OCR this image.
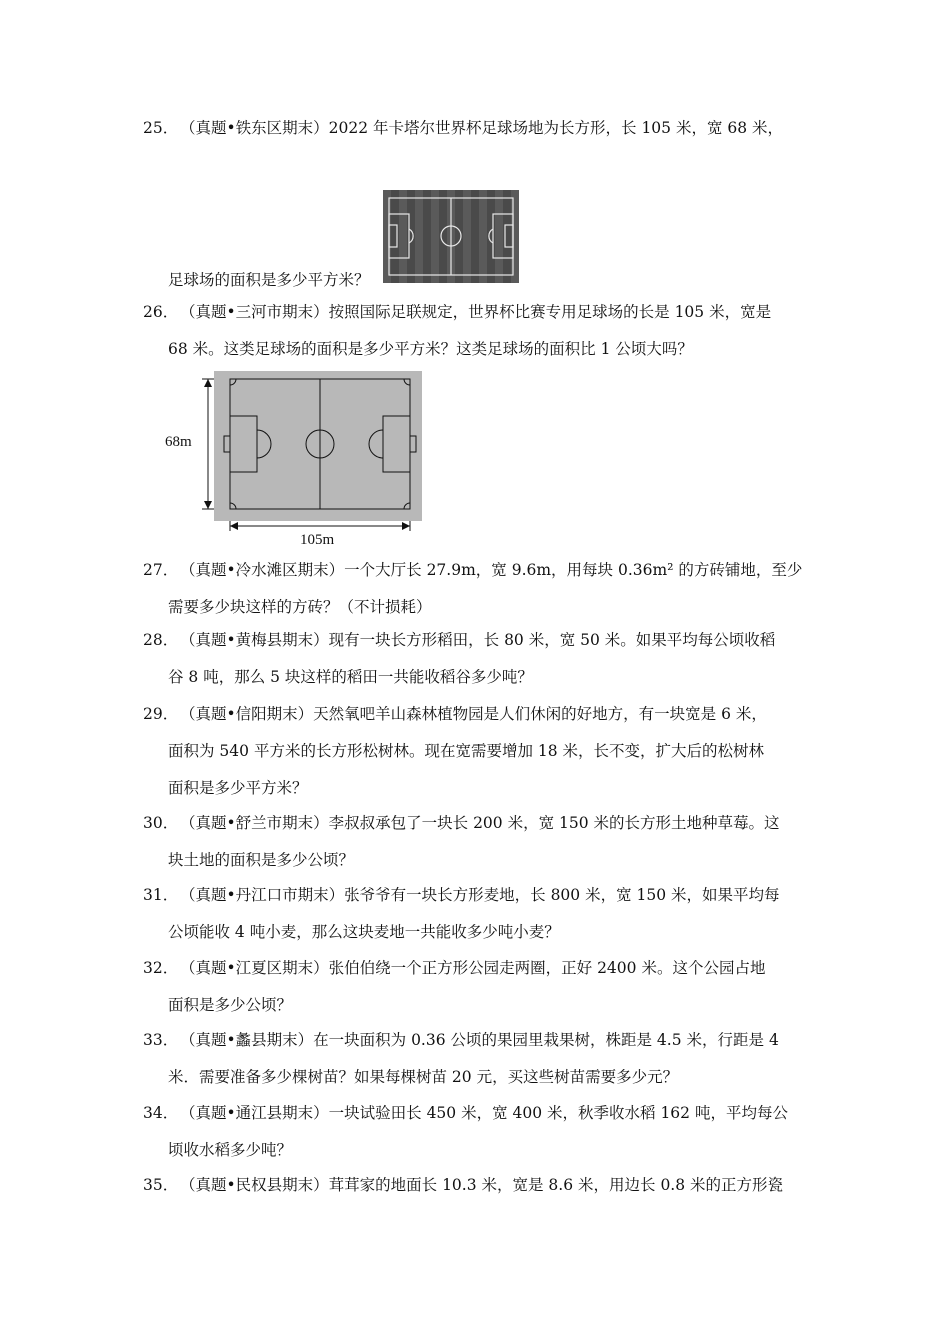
25． （真题•铁东区期末）2022 年卡塔尔世界杯足球场地为长方形，长 105 米，宽 68 米，
足球场的面积是多少平方米？
26． （真题•三河市期末）按照国际足联规定，世界杯比赛专用足球场的长是 105 米，宽是
68 米。这类足球场的面积是多少平方米？这类足球场的面积比 1 公顷大吗？
68m
105m
27． （真题•冷水滩区期末）一个大厅长 27.9m，宽 9.6m，用每块 0.36m² 的方砖铺地，至少
需要多少块这样的方砖？（不计损耗）
28． （真题•黄梅县期末）现有一块长方形稻田，长 80 米，宽 50 米。如果平均每公顷收稻
谷 8 吨，那么 5 块这样的稻田一共能收稻谷多少吨？
29． （真题•信阳期末）天然氧吧羊山森林植物园是人们休闲的好地方，有一块宽是 6 米，
面积为 540 平方米的长方形松树林。现在宽需要增加 18 米，长不变，扩大后的松树林
面积是多少平方米？
30． （真题•舒兰市期末）李叔叔承包了一块长 200 米，宽 150 米的长方形土地种草莓。这
块土地的面积是多少公顷？
31． （真题•丹江口市期末）张爷爷有一块长方形麦地，长 800 米，宽 150 米，如果平均每
公顷能收 4 吨小麦，那么这块麦地一共能收多少吨小麦？
32． （真题•江夏区期末）张伯伯绕一个正方形公园走两圈，正好 2400 米。这个公园占地
面积是多少公顷？
33． （真题•蠡县期末）在一块面积为 0.36 公顷的果园里栽果树，株距是 4.5 米，行距是 4
米．需要准备多少棵树苗？如果每棵树苗 20 元，买这些树苗需要多少元？
34． （真题•通江县期末）一块试验田长 450 米，宽 400 米，秋季收水稻 162 吨，平均每公
顷收水稻多少吨？
35． （真题•民权县期末）茸茸家的地面长 10.3 米，宽是 8.6 米，用边长 0.8 米的正方形瓷
